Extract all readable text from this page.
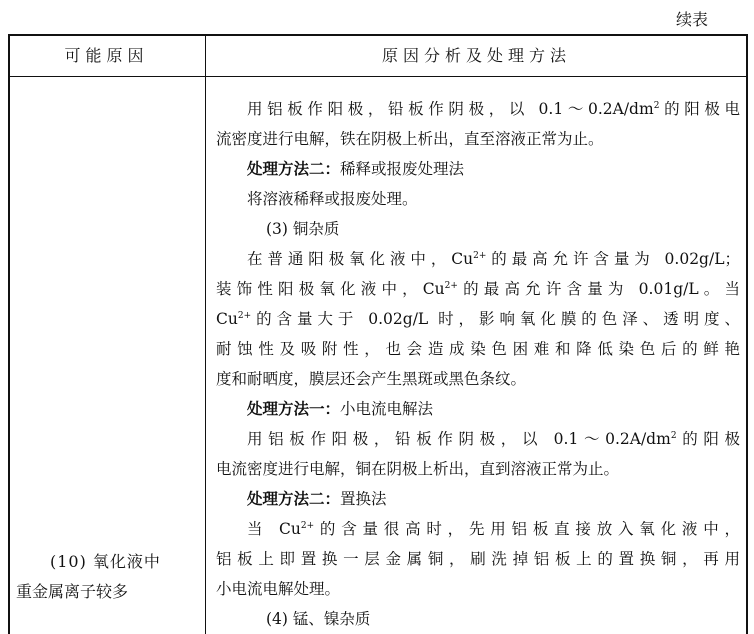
续表
可能原因	原因分析及处理方法
(10) 氧化液中
重金属离子较多

用铝板作阳极，铅板作阴极，以 $0.1\sim 0.2A/dm^2$的阳极电

流密度进行电解，铁在阴极上析出，直至溶液正常为止。

处理方法二：稀释或报废处理法

将溶液稀释或报废处理。

(3) 铜杂质

在普通阳极氧化液中，$Cu^{2+}$的最高允许含量为 0.02g/L；

装饰性阳极氧化液中，$Cu^{2+}$的最高允许含量为 0.01g/L。当

$Cu^{2+}$的含量大于 0.02g/L 时，影响氧化膜的色泽、透明度、

耐蚀性及吸附性，也会造成染色困难和降低染色后的鲜艳

度和耐晒度，膜层还会产生黑斑或黑色条纹。

处理方法一：小电流电解法

用铝板作阳极，铅板作阴极，以 $0.1\sim 0.2A/dm^2$的阳极

电流密度进行电解，铜在阴极上析出，直到溶液正常为止。

处理方法二：置换法

当 $Cu^{2+}$的含量很高时，先用铝板直接放入氧化液中，

铝板上即置换一层金属铜，刷洗掉铝板上的置换铜，再用

小电流电解处理。

(4) 锰、镍杂质
